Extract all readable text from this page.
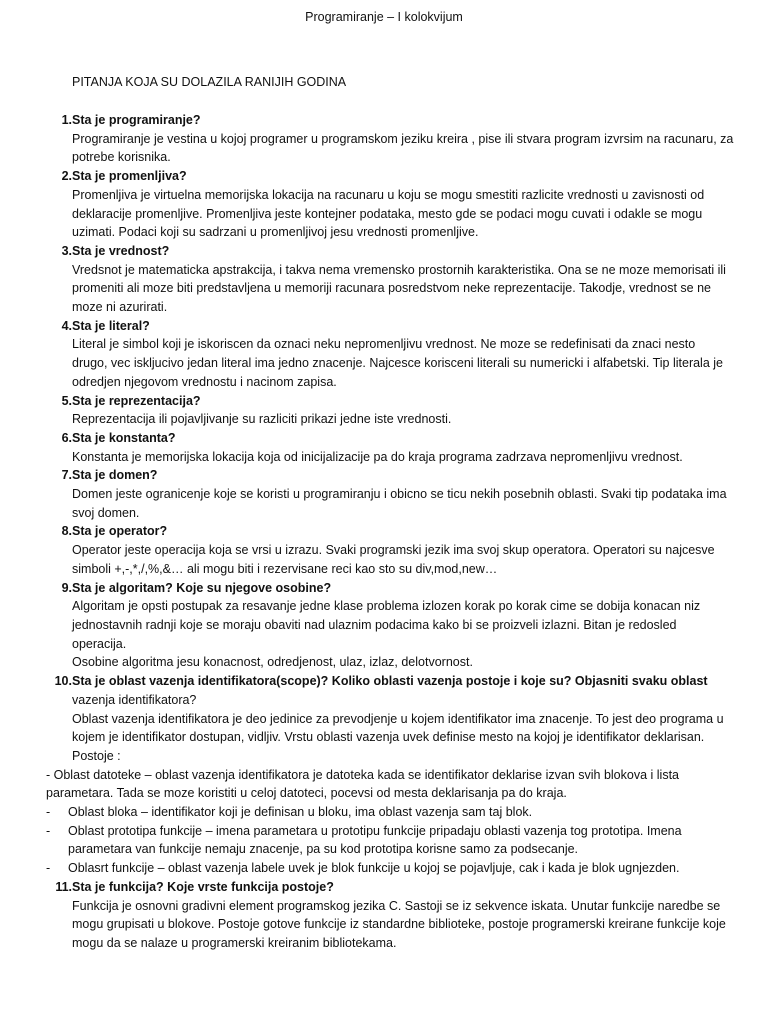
Programiranje – I kolokvijum
PITANJA KOJA SU DOLAZILA RANIJIH GODINA
1. Sta je programiranje?

Programiranje je vestina u kojoj programer u programskom jeziku kreira , pise ili stvara program izvrsim na racunaru, za potrebe korisnika.

2. Sta je promenljiva?

Promenljiva je virtuelna memorijska lokacija na racunaru u koju se mogu smestiti razlicite vrednosti u zavisnosti od deklaracije promenljive. Promenljiva jeste kontejner podataka, mesto gde se podaci mogu cuvati i odakle se mogu uzimati. Podaci koji su sadrzani u promenljivoj jesu vrednosti promenljive.

3. Sta je vrednost?

Vredsnot je matematicka apstrakcija, i takva nema vremensko prostornih karakteristika. Ona se ne moze memorisati ili promeniti ali moze biti predstavljena u memoriji racunara posredstvom neke reprezentacije. Takodje, vrednost se ne moze ni azurirati.

4. Sta je literal?

Literal je simbol koji je iskoriscen da oznaci neku nepromenljivu vrednost. Ne moze se redefinisati da znaci nesto drugo, vec iskljucivo jedan literal ima jedno znacenje. Najcesce korisceni literali su numericki i alfabetski. Tip literala je odredjen njegovom vrednostu i nacinom zapisa.

5. Sta je reprezentacija?

Reprezentacija ili pojavljivanje su razliciti prikazi jedne iste vrednosti.

6. Sta je konstanta?

Konstanta je memorijska lokacija koja od inicijalizacije pa do kraja programa zadrzava nepromenljivu vrednost.

7. Sta je domen?

Domen jeste ogranicenje koje se koristi u programiranju i obicno se ticu nekih posebnih oblasti. Svaki tip podataka ima svoj domen.

8. Sta je operator?

Operator jeste operacija koja se vrsi u izrazu. Svaki programski jezik ima svoj skup operatora. Operatori su najcesve simboli +,-,*,/,%,&… ali mogu biti i rezervisane reci kao sto su div,mod,new…

9. Sta je algoritam? Koje su njegove osobine?

Algoritam je opsti postupak za resavanje jedne klase problema izlozen korak po korak cime se dobija konacan niz jednostavnih radnji koje se moraju obaviti nad ulaznim podacima kako bi se proizveli izlazni. Bitan je redosled operacija.

Osobine algoritma jesu konacnost, odredjenost, ulaz, izlaz, delotvornost.

10. Sta je oblast vazenja identifikatora(scope)? Koliko oblasti vazenja postoje i koje su? Objasniti svaku oblast

vazenja identifikatora?

Oblast vazenja identifikatora je deo jedinice za prevodjenje u kojem identifikator ima znacenje. To jest deo programa u kojem je identifikator dostupan, vidljiv. Vrstu oblasti vazenja uvek definise mesto na kojoj je identifikator deklarisan. Postoje :

- Oblast datoteke – oblast vazenja identifikatora je datoteka kada se identifikator deklarise izvan svih blokova i lista parametara. Tada se moze koristiti u celoj datoteci, pocevsi od mesta deklarisanja pa do kraja.

-	Oblast bloka – identifikator koji je definisan u bloku, ima oblast vazenja sam taj blok.
-	Oblast prototipa funkcije – imena parametara u prototipu funkcije pripadaju oblasti vazenja tog prototipa. Imena parametara van funkcije nemaju znacenje, pa su kod prototipa korisne samo za podsecanje.
-	Oblasrt funkcije – oblast vazenja labele uvek je blok funkcije u kojoj se pojavljuje, cak i kada je blok ugnjezden.
11. Sta je funkcija? Koje vrste funkcija postoje?

Funkcija je osnovni gradivni element programskog jezika C. Sastoji se iz sekvence iskata. Unutar funkcije naredbe se mogu grupisati u blokove. Postoje gotove funkcije iz standardne biblioteke, postoje programerski kreirane funkcije koje mogu da se nalaze u programerski kreiranim bibliotekama.
